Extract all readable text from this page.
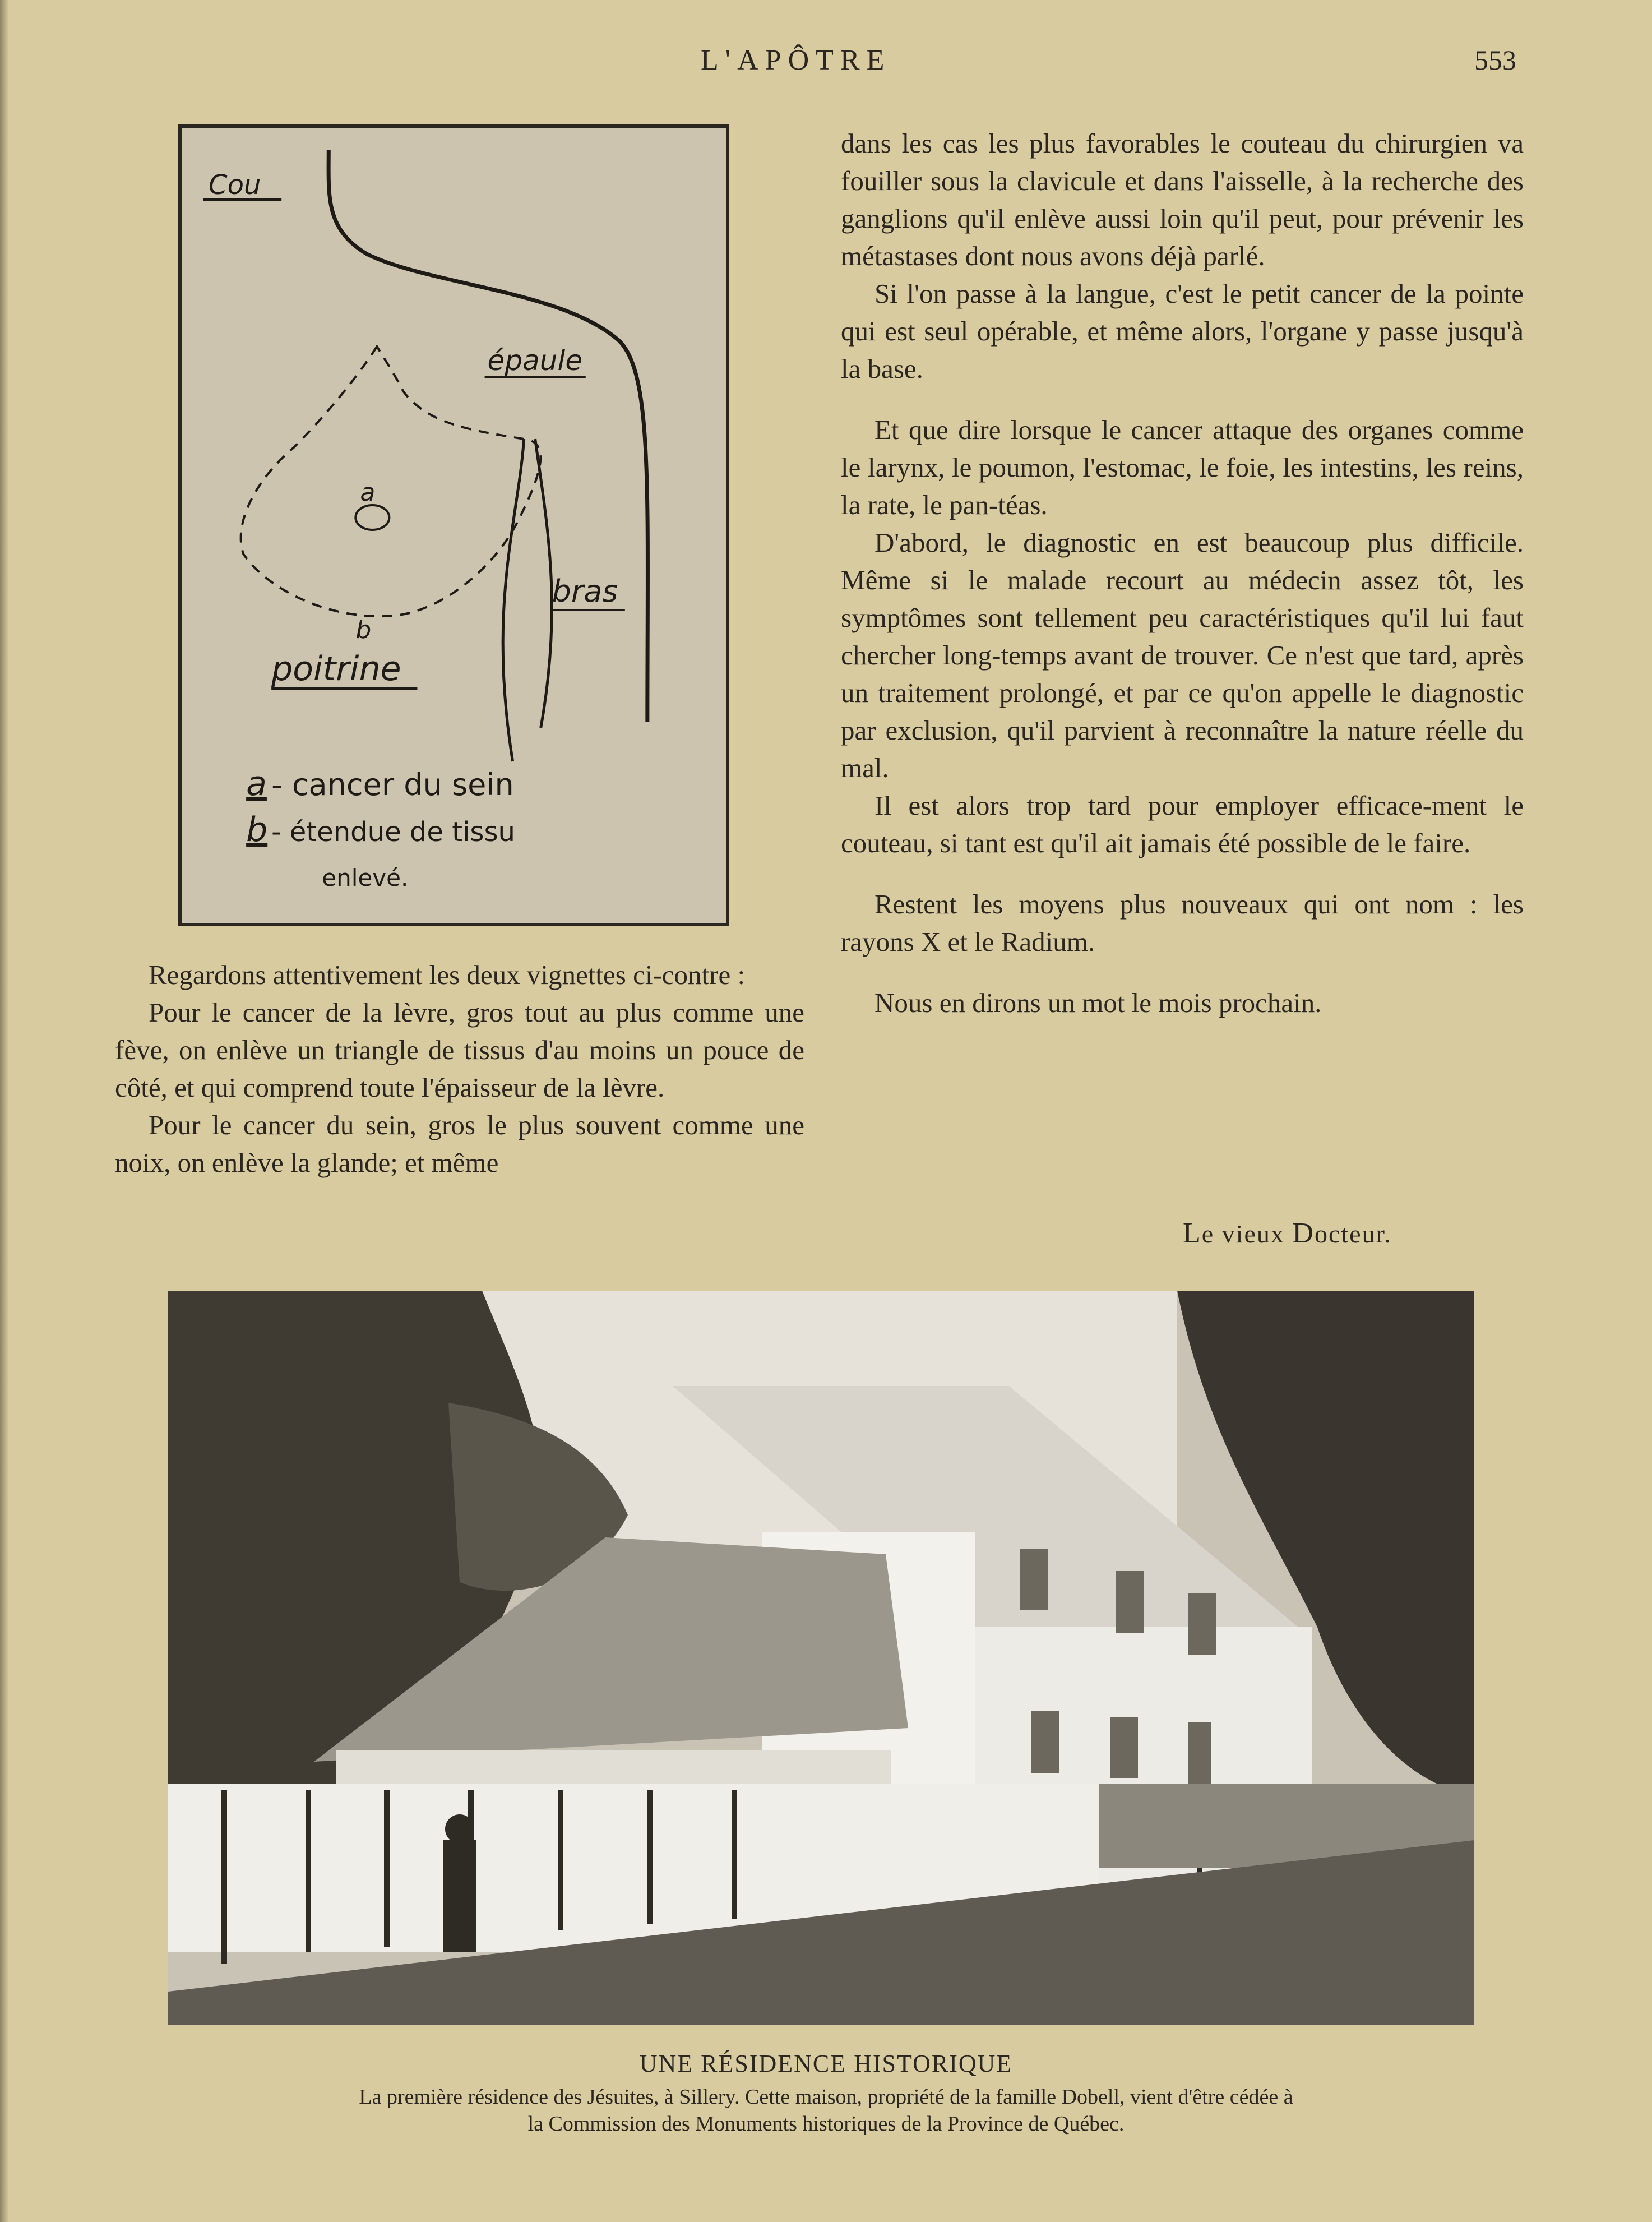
L'APÔTRE	553
Cou
épaule
bras
poitrine
a
b
a - cancer du sein
b - étendue de tissu
enlevé.

Regardons attentivement les deux vignettes ci-contre :

Pour le cancer de la lèvre, gros tout au plus comme une fève, on enlève un triangle de tissus d'au moins un pouce de côté, et qui comprend toute l'épaisseur de la lèvre.

Pour le cancer du sein, gros le plus souvent comme une noix, on enlève la glande; et même

dans les cas les plus favorables le couteau du chirurgien va fouiller sous la clavicule et dans l'aisselle, à la recherche des ganglions qu'il enlève aussi loin qu'il peut, pour prévenir les métastases dont nous avons déjà parlé.

Si l'on passe à la langue, c'est le petit cancer de la pointe qui est seul opérable, et même alors, l'organe y passe jusqu'à la base.

Et que dire lorsque le cancer attaque des organes comme le larynx, le poumon, l'estomac, le foie, les intestins, les reins, la rate, le pan-téas.

D'abord, le diagnostic en est beaucoup plus difficile. Même si le malade recourt au médecin assez tôt, les symptômes sont tellement peu caractéristiques qu'il lui faut chercher long-temps avant de trouver. Ce n'est que tard, après un traitement prolongé, et par ce qu'on appelle le diagnostic par exclusion, qu'il parvient à reconnaître la nature réelle du mal.

Il est alors trop tard pour employer efficace-ment le couteau, si tant est qu'il ait jamais été possible de le faire.

Restent les moyens plus nouveaux qui ont nom : les rayons X et le Radium.

Nous en dirons un mot le mois prochain.

Le vieux Docteur.
UNE RÉSIDENCE HISTORIQUE
La première résidence des Jésuites, à Sillery. Cette maison, propriété de la famille Dobell, vient d'être cédée à
la Commission des Monuments historiques de la Province de Québec.
